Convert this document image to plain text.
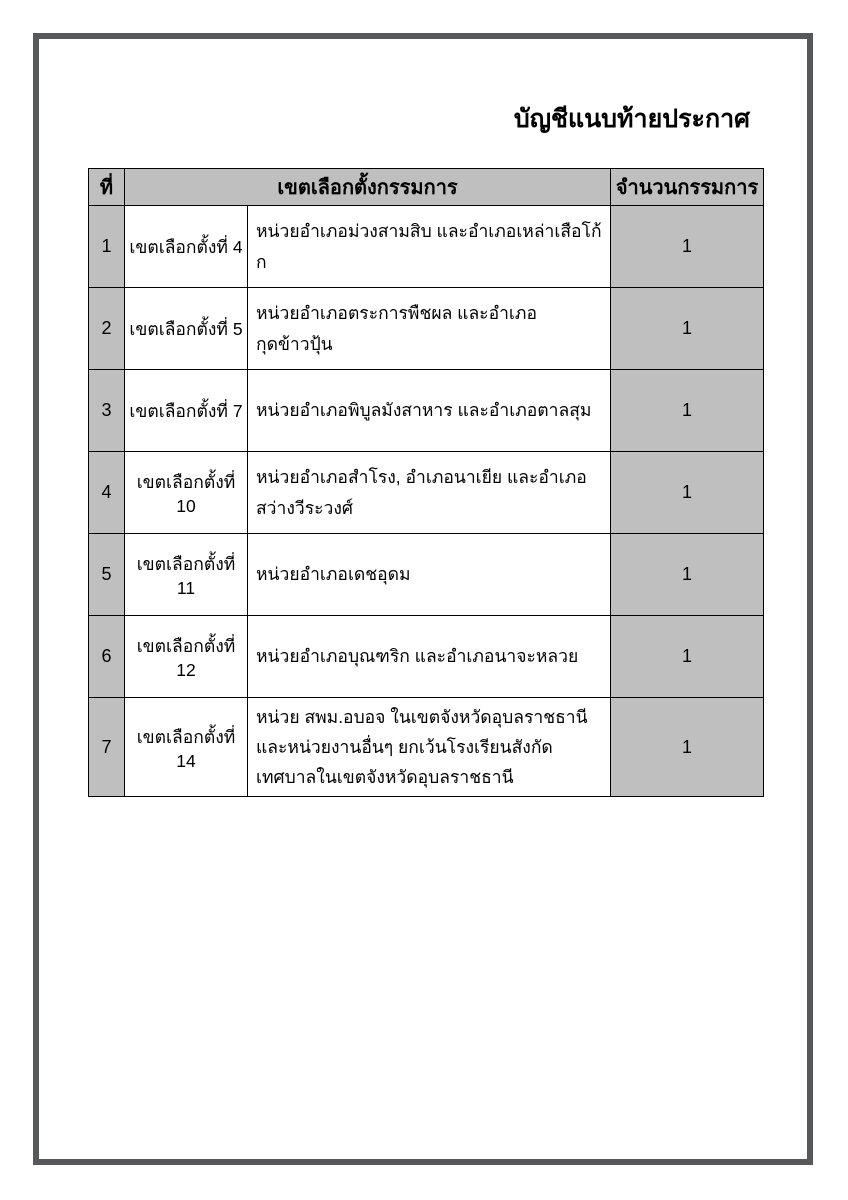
บัญชีแนบท้ายประกาศ
ที่	เขตเลือกตั้งกรรมการ		จำนวนกรรมการ
1	เขตเลือกตั้งที่ 4	หน่วยอำเภอม่วงสามสิบ และอำเภอเหล่าเสือโก้ก	1
2	เขตเลือกตั้งที่ 5	หน่วยอำเภอตระการพืชผล และอำเภอกุดข้าวปุ้น	1
3	เขตเลือกตั้งที่ 7	หน่วยอำเภอพิบูลมังสาหาร และอำเภอตาลสุม	1
4	เขตเลือกตั้งที่ 10	หน่วยอำเภอสำโรง, อำเภอนาเยีย และอำเภอสว่างวีระวงศ์	1
5	เขตเลือกตั้งที่ 11	หน่วยอำเภอเดชอุดม	1
6	เขตเลือกตั้งที่ 12	หน่วยอำเภอบุณฑริก และอำเภอนาจะหลวย	1
7	เขตเลือกตั้งที่ 14	หน่วย สพม.อบอจ ในเขตจังหวัดอุบลราชธานี และหน่วยงานอื่นๆ ยกเว้นโรงเรียนสังกัดเทศบาลในเขตจังหวัดอุบลราชธานี	1
